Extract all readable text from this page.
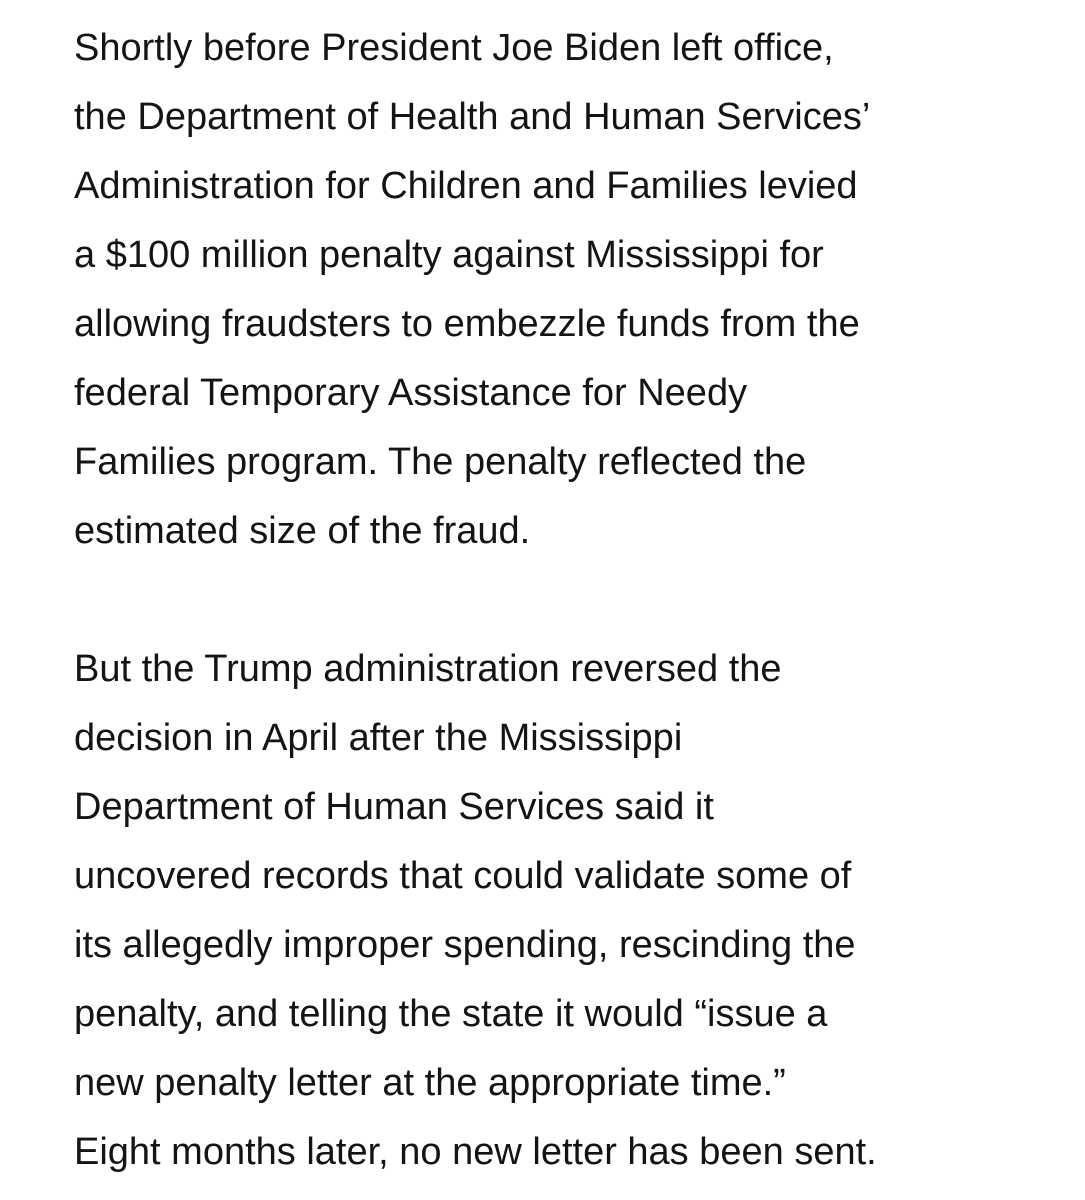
Shortly before President Joe Biden left office,
the Department of Health and Human Services’
Administration for Children and Families levied
a $100 million penalty against Mississippi for
allowing fraudsters to embezzle funds from the
federal Temporary Assistance for Needy
Families program. The penalty reflected the
estimated size of the fraud.

But the Trump administration reversed the
decision in April after the Mississippi
Department of Human Services said it
uncovered records that could validate some of
its allegedly improper spending, rescinding the
penalty, and telling the state it would “issue a
new penalty letter at the appropriate time.”
Eight months later, no new letter has been sent.
